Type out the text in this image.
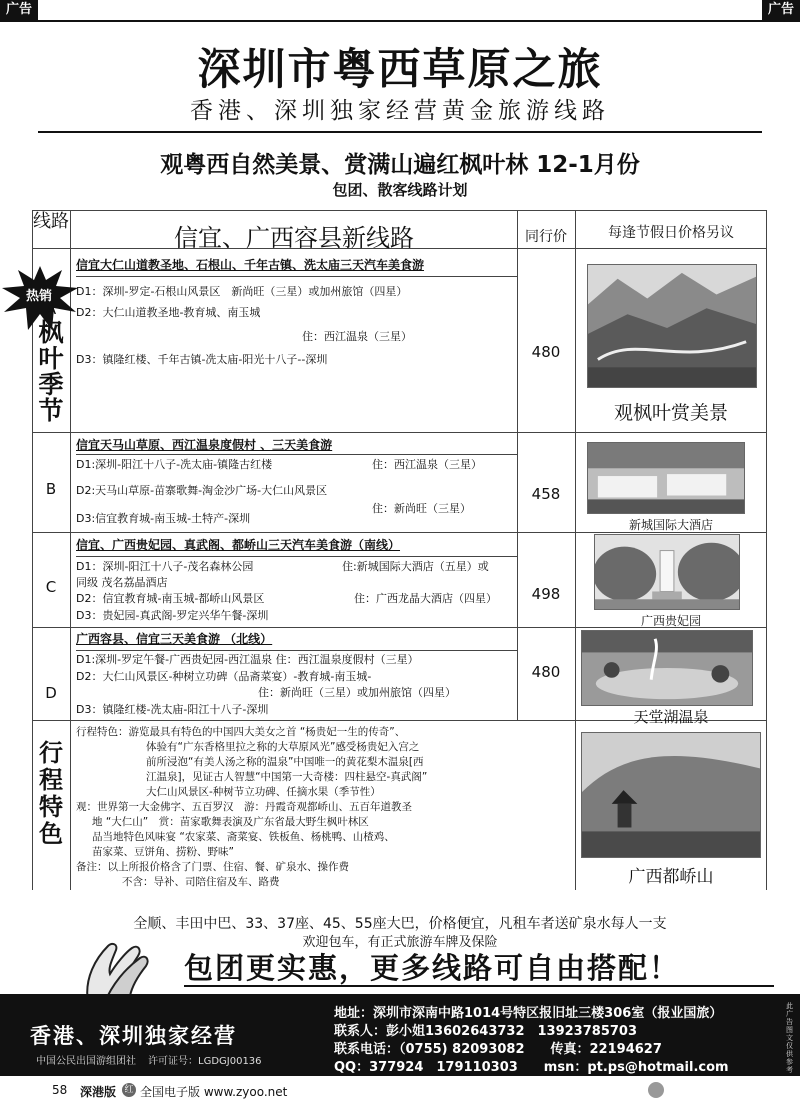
广告	广告
深圳市粤西草原之旅
香港、深圳独家经营黄金旅游线路
观粤西自然美景、赏满山遍红枫叶林 12-1月份
包团、散客线路计划
线路
信宜、广西容县新线路	同行价	每逢节假日价格另议
热销
A
枫叶季节
信宜大仁山道教圣地、石根山、千年古镇、洗太庙三天汽车美食游
D1：深圳-罗定-石根山风景区　新尚旺（三星）或加州旅馆（四星）
D2：大仁山道教圣地-教育城、南玉城
住：西江温泉（三星）
D3：镇隆红楼、千年古镇-冼太庙-阳光十八子--深圳	480
观枫叶赏美景
B
信宜天马山草原、西江温泉度假村 、三天美食游
D1:深圳-阳江十八子-冼太庙-镇隆古红楼	住：西江温泉（三星）
D2:天马山草原-苗寨歌舞-淘金沙广场-大仁山风景区
住：新尚旺（三星）
D3:信宜教育城-南玉城-土特产-深圳
458
新城国际大酒店
C
信宜、广西贵妃园、真武阁、都峤山三天汽车美食游（南线）
D1：深圳-阳江十八子-茂名森林公园	住:新城国际大酒店（五星）或
同级 茂名荔晶酒店
D2：信宜教育城-南玉城-都峤山风景区	住：广西龙晶大酒店（四星）
D3：贵妃园-真武阁-罗定兴华午餐-深圳
498
广西贵妃园
D
广西容县、信宜三天美食游 （北线）
D1:深圳-罗定午餐-广西贵妃园-西江温泉 住：西江温泉度假村（三星）
D2：大仁山风景区-种树立功碑（品斋菜宴）-教育城-南玉城-
住：新尚旺（三星）或加州旅馆（四星）
D3：镇隆红楼-冼太庙-阳江十八子-深圳
480
天堂湖温泉
行程特色
行程特色：游览最具有特色的中国四大美女之首 “杨贵妃一生的传奇”、
体验有“广东香格里拉之称的大草原风光”感受杨贵妃入宫之
前所浸泡“有美人汤之称的温泉”中国唯一的黄花梨木温泉[西
江温泉]，见证古人智慧“中国第一大奇楼：四柱悬空-真武阁”
大仁山风景区-种树节立功碑、任摘水果（季节性）
观：世界第一大金佛字、五百罗汉　游：丹霞奇观都峤山、五百年道教圣
地 “大仁山”　赏：苗家歌舞表演及广东省最大野生枫叶林区
品当地特色风味宴 “农家菜、斋菜宴、铁板鱼、杨桃鸭、山楂鸡、
苗家菜、豆饼角、捞粉、野味”
备注：以上所报价格含了门票、住宿、餐、矿泉水、操作费
不含：导补、司陪住宿及车、路费	广西都峤山
全顺、丰田中巴、33、37座、45、55座大巴，价格便宜，凡租车者送矿泉水每人一支
欢迎包车，有正式旅游车牌及保险
包团更实惠，更多线路可自由搭配！
香港、深圳独家经营
中国公民出国游组团社 许可证号：LGDGJ00136
地址：深圳市深南中路1014号特区报旧址三楼306室（报业国旅）
联系人：彭小姐13602643732　13923785703
联系电话：（0755) 82093082　　传真：22194627
QQ：377924　179110303　　msn：pt.ps@hotmail.com
此广告图文仅供参考
58 深港版 红 全国电子版 www.zyoo.net
